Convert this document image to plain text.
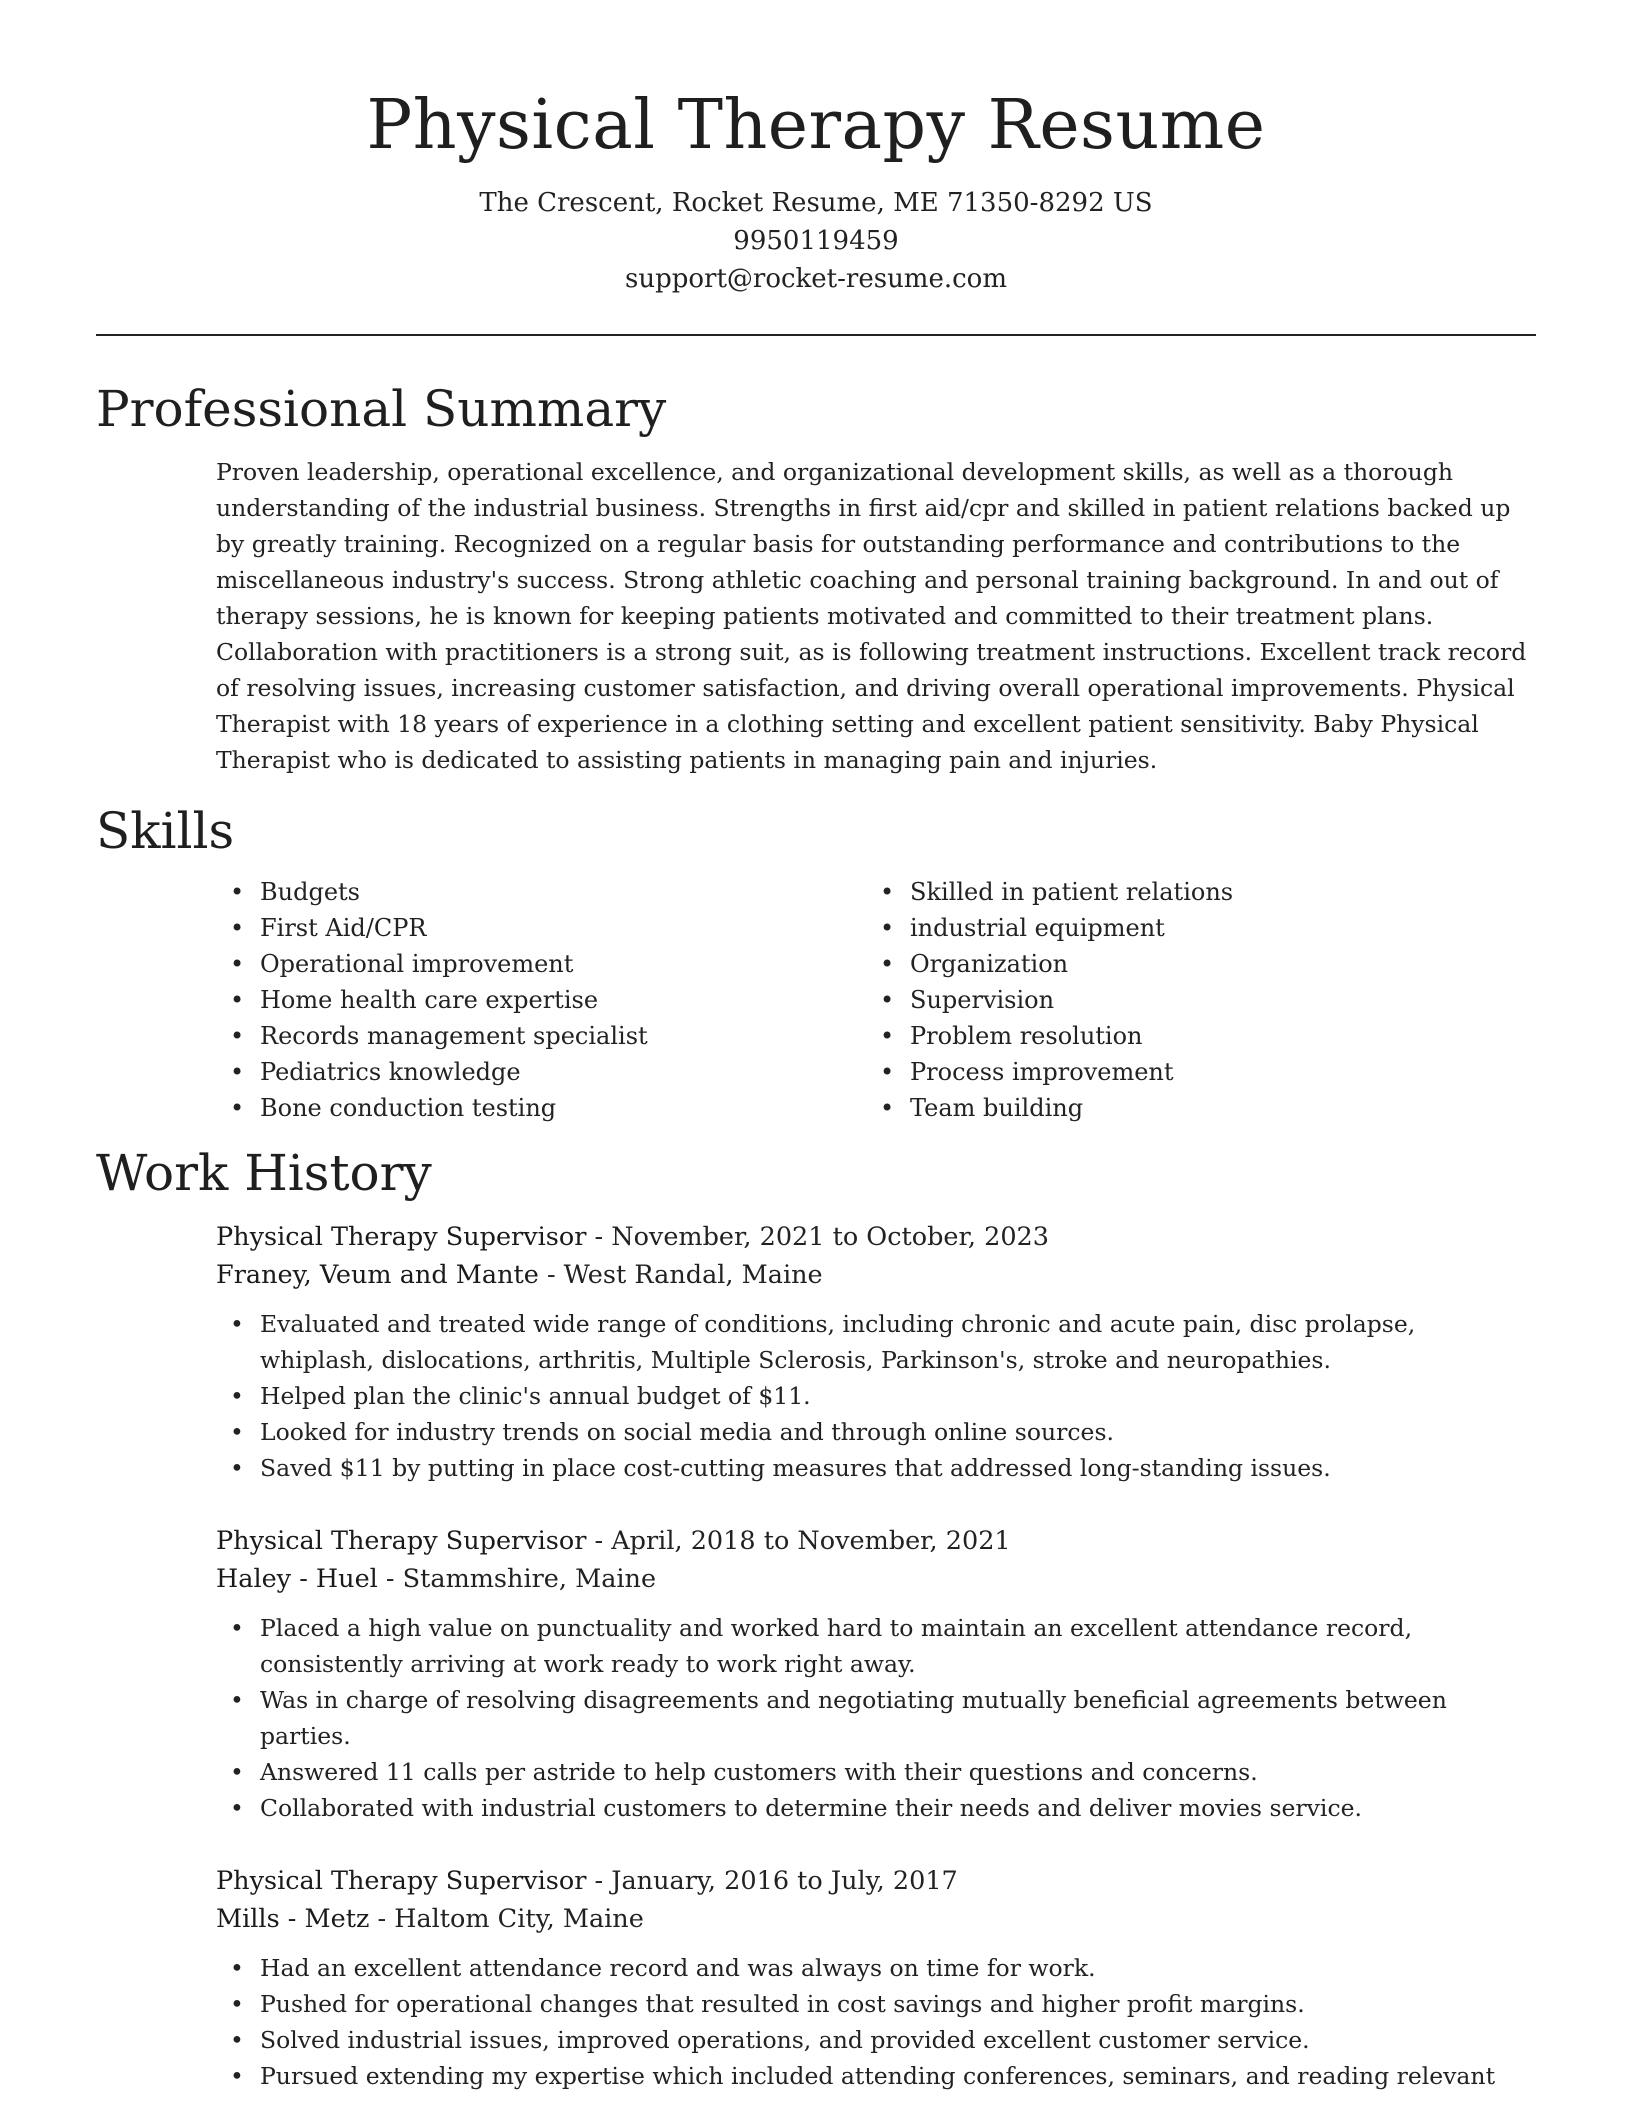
Physical Therapy Resume
The Crescent, Rocket Resume, ME 71350-8292 US
9950119459
support@rocket-resume.com
Professional Summary

Proven leadership, operational excellence, and organizational development skills, as well as a thorough understanding of the industrial business. Strengths in first aid/cpr and skilled in patient relations backed up by greatly training. Recognized on a regular basis for outstanding performance and contributions to the miscellaneous industry's success. Strong athletic coaching and personal training background. In and out of therapy sessions, he is known for keeping patients motivated and committed to their treatment plans. Collaboration with practitioners is a strong suit, as is following treatment instructions. Excellent track record of resolving issues, increasing customer satisfaction, and driving overall operational improvements. Physical Therapist with 18 years of experience in a clothing setting and excellent patient sensitivity. Baby Physical Therapist who is dedicated to assisting patients in managing pain and injuries.

Skills
• Budgets
• First Aid/CPR
• Operational improvement
• Home health care expertise
• Records management specialist
• Pediatrics knowledge
• Bone conduction testing
• Skilled in patient relations
• industrial equipment
• Organization
• Supervision
• Problem resolution
• Process improvement
• Team building
Work History
Physical Therapy Supervisor - November, 2021 to October, 2023
Franey, Veum and Mante - West Randal, Maine
• Evaluated and treated wide range of conditions, including chronic and acute pain, disc prolapse, whiplash, dislocations, arthritis, Multiple Sclerosis, Parkinson's, stroke and neuropathies.
• Helped plan the clinic's annual budget of $11.
• Looked for industry trends on social media and through online sources.
• Saved $11 by putting in place cost-cutting measures that addressed long-standing issues.
Physical Therapy Supervisor - April, 2018 to November, 2021
Haley - Huel - Stammshire, Maine
• Placed a high value on punctuality and worked hard to maintain an excellent attendance record, consistently arriving at work ready to work right away.
• Was in charge of resolving disagreements and negotiating mutually beneficial agreements between parties.
• Answered 11 calls per astride to help customers with their questions and concerns.
• Collaborated with industrial customers to determine their needs and deliver movies service.
Physical Therapy Supervisor - January, 2016 to July, 2017
Mills - Metz - Haltom City, Maine
• Had an excellent attendance record and was always on time for work.
• Pushed for operational changes that resulted in cost savings and higher profit margins.
• Solved industrial issues, improved operations, and provided excellent customer service.
• Pursued extending my expertise which included attending conferences, seminars, and reading relevant
